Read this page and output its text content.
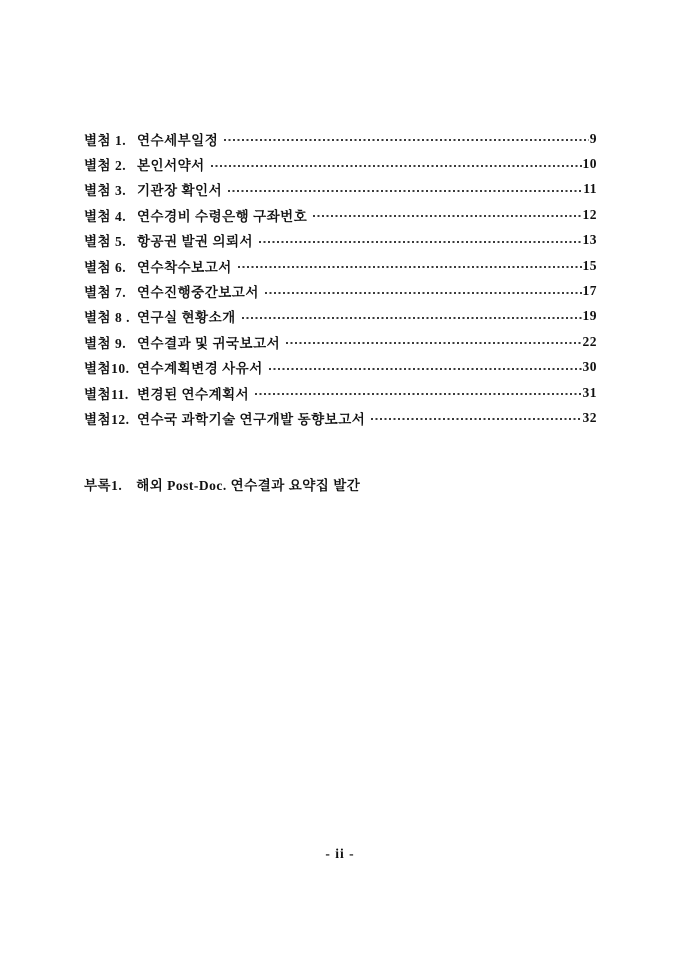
별첨 1. 연수세부일정	9
별첨 2. 본인서약서	10
별첨 3. 기관장 확인서	11
별첨 4. 연수경비 수령은행 구좌번호	12
별첨 5. 항공권 발권 의뢰서	13
별첨 6. 연수착수보고서	15
별첨 7. 연수진행중간보고서	17
별첨 8 . 연구실 현황소개	19
별첨 9. 연수결과 및 귀국보고서	22
별첨10. 연수계획변경 사유서	30
별첨11. 변경된 연수계획서	31
별첨12. 연수국 과학기술 연구개발 동향보고서	32
부록1. 해외 Post-Doc. 연수결과 요약집 발간
- ii -
